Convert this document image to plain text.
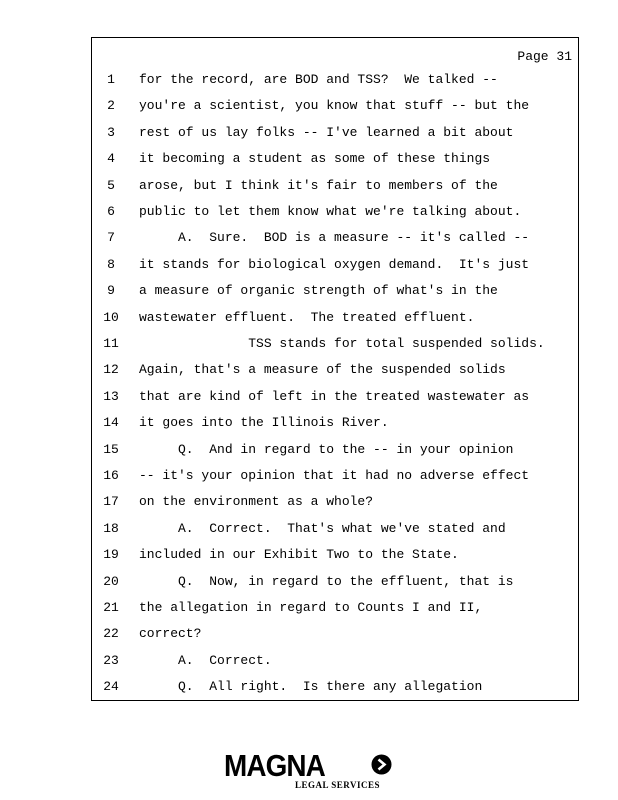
Page 31
1	for the record, are BOD and TSS?  We talked --
2	you're a scientist, you know that stuff -- but the
3	rest of us lay folks -- I've learned a bit about
4	it becoming a student as some of these things
5	arose, but I think it's fair to members of the
6	public to let them know what we're talking about.
7	A.  Sure.  BOD is a measure -- it's called --
8	it stands for biological oxygen demand.  It's just
9	a measure of organic strength of what's in the
10 wastewater effluent.  The treated effluent.
11 TSS stands for total suspended solids.
12 Again, that's a measure of the suspended solids
13 that are kind of left in the treated wastewater as
14 it goes into the Illinois River.
15 Q.  And in regard to the -- in your opinion
16 -- it's your opinion that it had no adverse effect
17 on the environment as a whole?
18 A.  Correct.  That's what we've stated and
19 included in our Exhibit Two to the State.
20 Q.  Now, in regard to the effluent, that is
21 the allegation in regard to Counts I and II,
22 correct?
23 A.  Correct.
24 Q.  All right.  Is there any allegation
MAGNA
LEGAL SERVICES
